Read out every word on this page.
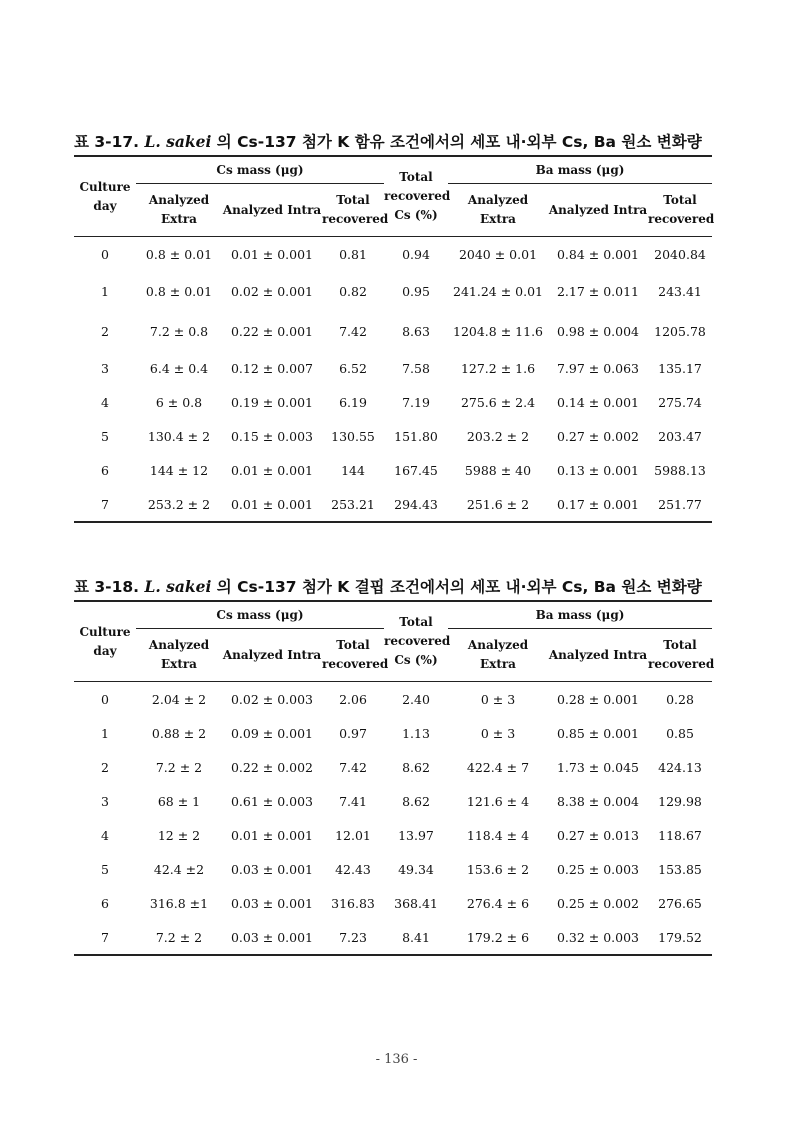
표 3-17. L. sakei 의 Cs-137 첨가 K 함유 조건에서의 세포 내·외부 Cs, Ba 원소 변화량
Culture day	Cs mass (μg)			Total recovered Cs (%)	Ba mass (μg)		
	Analyzed Extra	Analyzed Intra	Total recovered		Analyzed Extra	Analyzed Intra	Total recovered
0	0.8 ± 0.01	0.01 ± 0.001	0.81	0.94	2040 ± 0.01	0.84 ± 0.001	2040.84
1	0.8 ± 0.01	0.02 ± 0.001	0.82	0.95	241.24 ± 0.01	2.17 ± 0.011	243.41
2	7.2 ± 0.8	0.22 ± 0.001	7.42	8.63	1204.8 ± 11.6	0.98 ± 0.004	1205.78
3	6.4 ± 0.4	0.12 ± 0.007	6.52	7.58	127.2 ± 1.6	7.97 ± 0.063	135.17
4	6 ± 0.8	0.19 ± 0.001	6.19	7.19	275.6 ± 2.4	0.14 ± 0.001	275.74
5	130.4 ± 2	0.15 ± 0.003	130.55	151.80	203.2 ± 2	0.27 ± 0.002	203.47
6	144 ± 12	0.01 ± 0.001	144	167.45	5988 ± 40	0.13 ± 0.001	5988.13
7	253.2 ± 2	0.01 ± 0.001	253.21	294.43	251.6 ± 2	0.17 ± 0.001	251.77
표 3-18. L. sakei 의 Cs-137 첨가 K 결핍 조건에서의 세포 내·외부 Cs, Ba 원소 변화량
Culture day	Cs mass (μg)			Total recovered Cs (%)	Ba mass (μg)		
	Analyzed Extra	Analyzed Intra	Total recovered		Analyzed Extra	Analyzed Intra	Total recovered
0	2.04 ± 2	0.02 ± 0.003	2.06	2.40	0 ± 3	0.28 ± 0.001	0.28
1	0.88 ± 2	0.09 ± 0.001	0.97	1.13	0 ± 3	0.85 ± 0.001	0.85
2	7.2 ± 2	0.22 ± 0.002	7.42	8.62	422.4 ± 7	1.73 ± 0.045	424.13
3	68 ± 1	0.61 ± 0.003	7.41	8.62	121.6 ± 4	8.38 ± 0.004	129.98
4	12 ± 2	0.01 ± 0.001	12.01	13.97	118.4 ± 4	0.27 ± 0.013	118.67
5	42.4 ±2	0.03 ± 0.001	42.43	49.34	153.6 ± 2	0.25 ± 0.003	153.85
6	316.8 ±1	0.03 ± 0.001	316.83	368.41	276.4 ± 6	0.25 ± 0.002	276.65
7	7.2 ± 2	0.03 ± 0.001	7.23	8.41	179.2 ± 6	0.32 ± 0.003	179.52
- 136 -
